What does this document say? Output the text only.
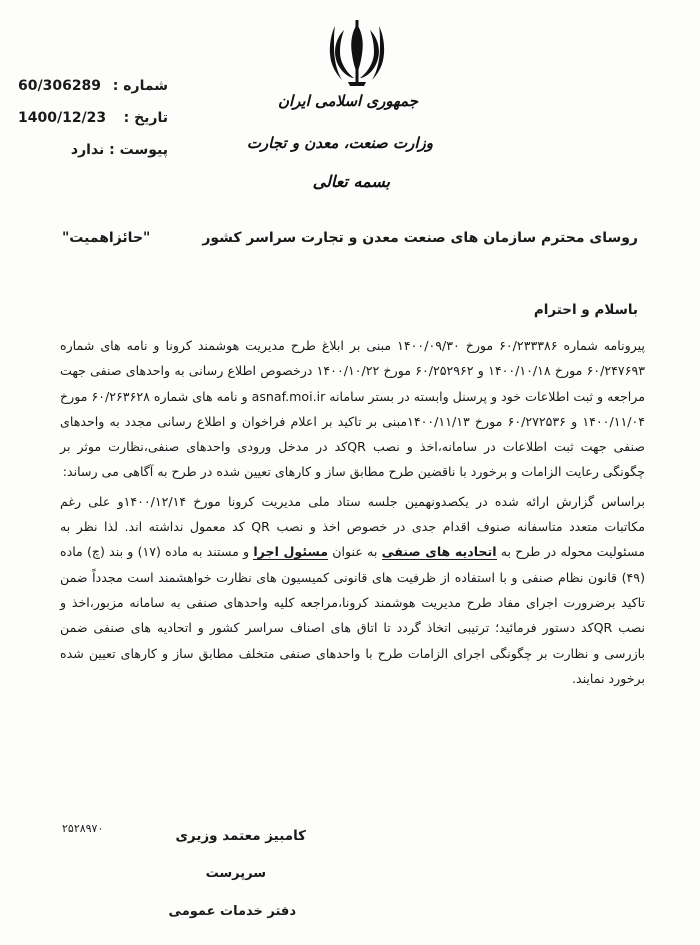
جمهوری اسلامی ایران
وزارت صنعت، معدن و تجارت
بسمه تعالی
60/306289 شماره :
1400/12/23 تاریخ :
پیوست : ندارد
روسای محترم سازمان های صنعت معدن و تجارت سراسر کشور
"حائزاهمیت"
باسلام و احترام

پیرونامه شماره ۶۰/۲۳۳۳۸۶ مورخ ۱۴۰۰/۰۹/۳۰ مبنی بر ابلاغ طرح مدیریت هوشمند کرونا و نامه های شماره ۶۰/۲۴۷۶۹۳ مورخ ۱۴۰۰/۱۰/۱۸ و ۶۰/۲۵۲۹۶۲ مورخ ۱۴۰۰/۱۰/۲۲ درخصوص اطلاع رسانی به واحدهای صنفی جهت مراجعه و ثبت اطلاعات خود و پرسنل وابسته در بستر سامانه asnaf.moi.ir و نامه های شماره ۶۰/۲۶۳۶۲۸ مورخ ۱۴۰۰/۱۱/۰۴ و ۶۰/۲۷۲۵۳۶ مورخ ۱۴۰۰/۱۱/۱۳مبنی بر تاکید بر اعلام فراخوان و اطلاع رسانی مجدد به واحدهای صنفی جهت ثبت اطلاعات در سامانه،اخذ و نصب QRکد در مدخل ورودی واحدهای صنفی،نظارت موثر بر چگونگی رعایت الزامات و برخورد با ناقضین طرح مطابق ساز و کارهای تعیین شده در طرح به آگاهی می رساند:

براساس گزارش ارائه شده در یکصدونهمین جلسه ستاد ملی مدیریت کرونا مورخ ۱۴۰۰/۱۲/۱۴و علی رغم مکاتبات متعدد متاسفانه صنوف اقدام جدی در خصوص اخذ و نصب QR کد معمول نداشته اند. لذا نظر به مسئولیت محوله در طرح به اتحادیه های صنفی به عنوان مسئول اجرا و مستند به ماده (۱۷) و بند (چ) ماده (۴۹) قانون نظام صنفی و با استفاده از ظرفیت های قانونی کمیسیون های نظارت خواهشمند است مجدداً ضمن تاکید برضرورت اجرای مفاد طرح مدیریت هوشمند کرونا،مراجعه کلیه واحدهای صنفی به سامانه مزبور،اخذ و نصب QRکد دستور فرمائید؛ ترتیبی اتخاذ گردد تا اتاق های اصناف سراسر کشور و اتحادیه های صنفی ضمن بازرسی و نظارت بر چگونگی اجرای الزامات طرح با واحدهای صنفی متخلف مطابق ساز و کارهای تعیین شده برخورد نمایند.

۲۵۲۸۹۷۰	کامبیز معتمد وزیری
سرپرست
دفتر خدمات عمومی
